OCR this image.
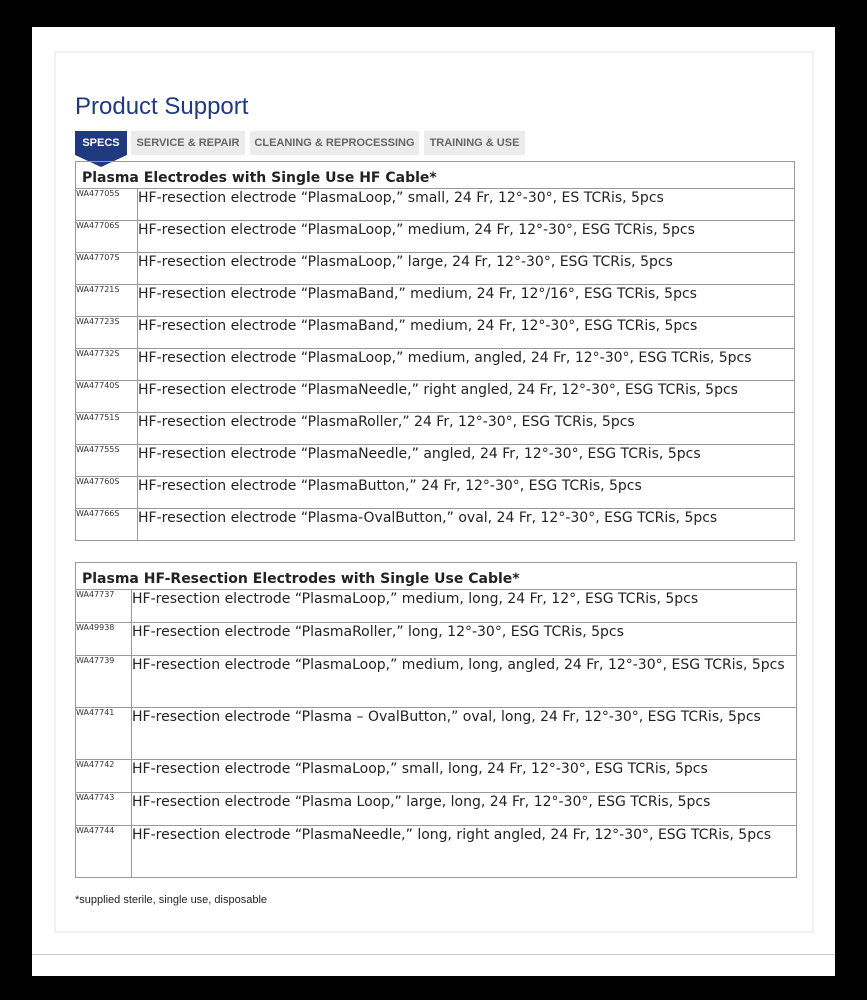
Product Support
SPECS	SERVICE & REPAIR	CLEANING & REPROCESSING	TRAINING & USE
Plasma Electrodes with Single Use HF Cable*	
WA47705S	HF-resection electrode “PlasmaLoop,” small, 24 Fr, 12°-30°, ES TCRis, 5pcs
WA47706S	HF-resection electrode “PlasmaLoop,” medium, 24 Fr, 12°-30°, ESG TCRis, 5pcs
WA47707S	HF-resection electrode “PlasmaLoop,” large, 24 Fr, 12°-30°, ESG TCRis, 5pcs
WA47721S	HF-resection electrode “PlasmaBand,” medium, 24 Fr, 12°/16°, ESG TCRis, 5pcs
WA47723S	HF-resection electrode “PlasmaBand,” medium, 24 Fr, 12°-30°, ESG TCRis, 5pcs
WA47732S	HF-resection electrode “PlasmaLoop,” medium, angled, 24 Fr, 12°-30°, ESG TCRis, 5pcs
WA47740S	HF-resection electrode “PlasmaNeedle,” right angled, 24 Fr, 12°-30°, ESG TCRis, 5pcs
WA47751S	HF-resection electrode “PlasmaRoller,” 24 Fr, 12°-30°, ESG TCRis, 5pcs
WA47755S	HF-resection electrode “PlasmaNeedle,” angled, 24 Fr, 12°-30°, ESG TCRis, 5pcs
WA47760S	HF-resection electrode “PlasmaButton,” 24 Fr, 12°-30°, ESG TCRis, 5pcs
WA47766S	HF-resection electrode “Plasma-OvalButton,” oval, 24 Fr, 12°-30°, ESG TCRis, 5pcs
Plasma HF-Resection Electrodes with Single Use Cable*	
WA47737	HF-resection electrode “PlasmaLoop,” medium, long, 24 Fr, 12°, ESG TCRis, 5pcs
WA49938	HF-resection electrode “PlasmaRoller,” long, 12°-30°, ESG TCRis, 5pcs
WA47739	HF-resection electrode “PlasmaLoop,” medium, long, angled, 24 Fr, 12°-30°, ESG TCRis, 5pcs
WA47741	HF-resection electrode “Plasma – OvalButton,” oval, long, 24 Fr, 12°-30°, ESG TCRis, 5pcs
WA47742	HF-resection electrode “PlasmaLoop,” small, long, 24 Fr, 12°-30°, ESG TCRis, 5pcs
WA47743	HF-resection electrode “Plasma Loop,” large, long, 24 Fr, 12°-30°, ESG TCRis, 5pcs
WA47744	HF-resection electrode “PlasmaNeedle,” long, right angled, 24 Fr, 12°-30°, ESG TCRis, 5pcs
*supplied sterile, single use, disposable
